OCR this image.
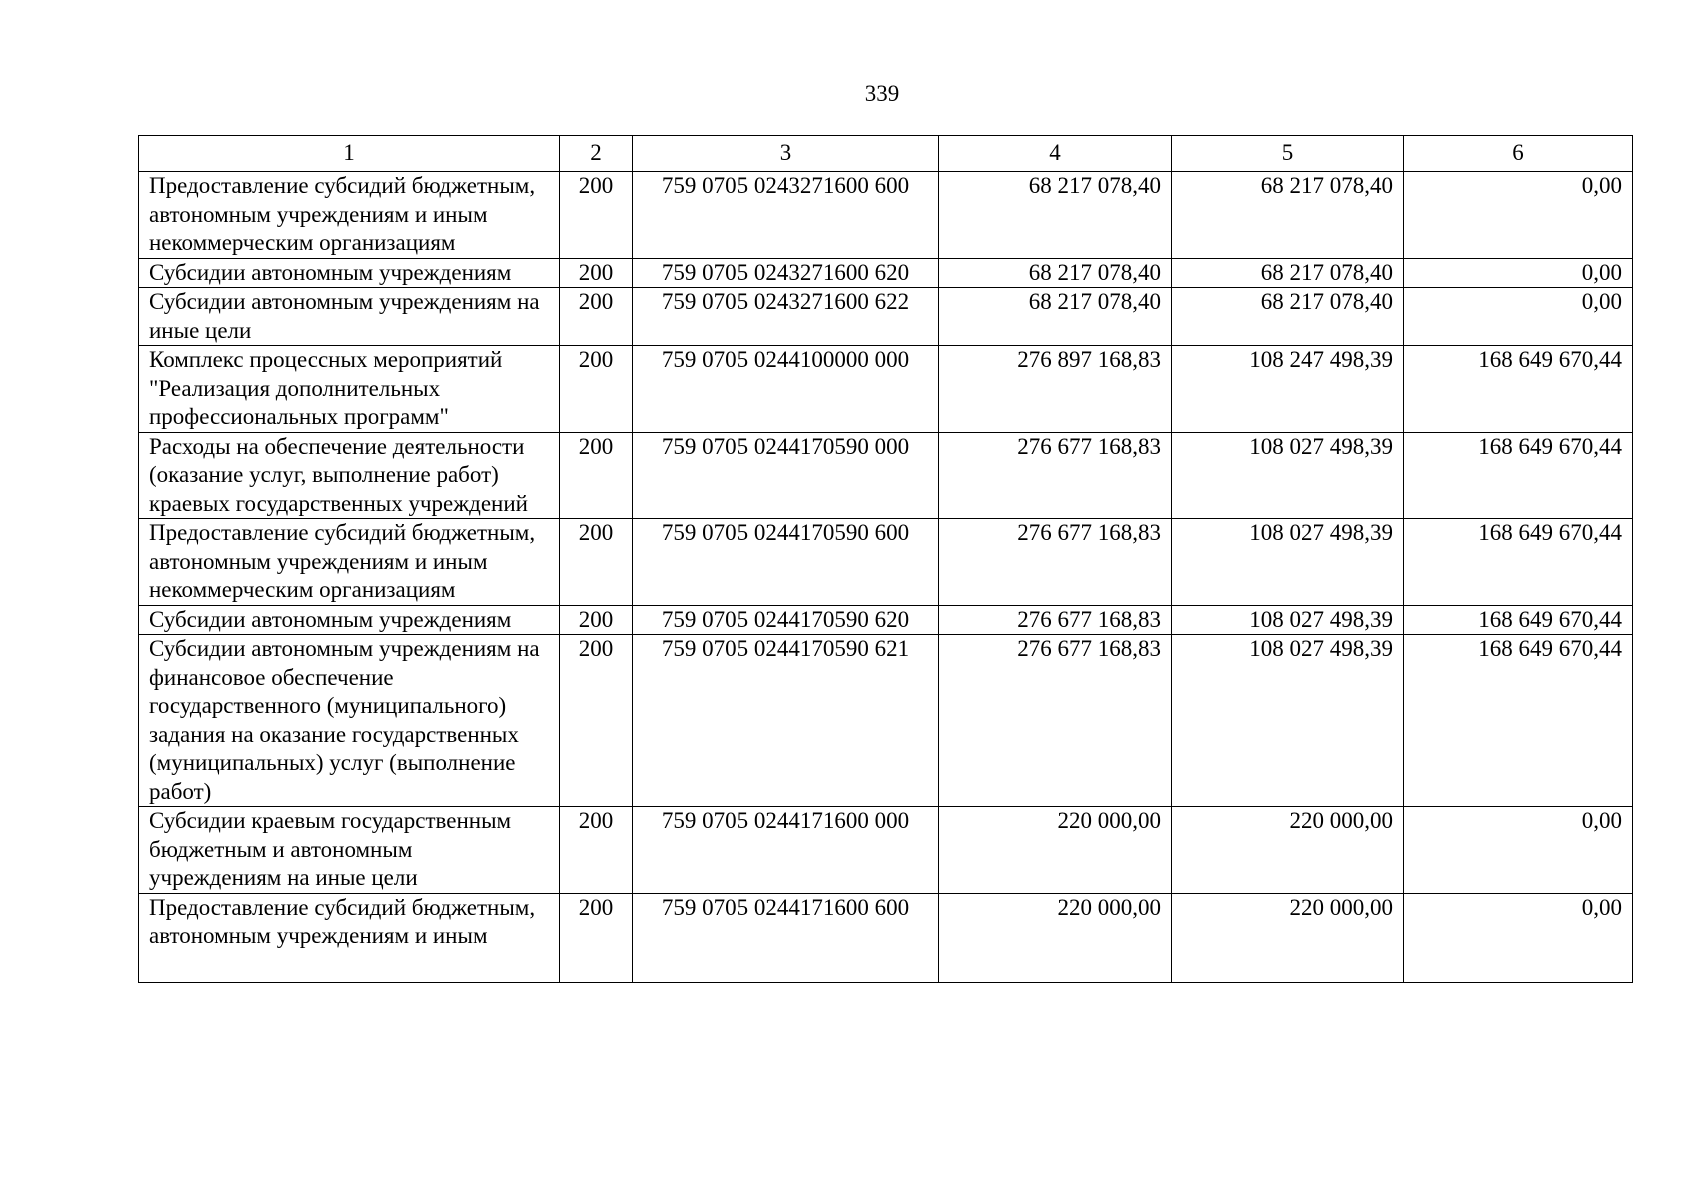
339
1	2	3	4	5	6
Предоставление субсидий бюджетным, автономным учреждениям и иным некоммерческим организациям	200	759 0705 0243271600 600	68 217 078,40	68 217 078,40	0,00
Субсидии автономным учреждениям	200	759 0705 0243271600 620	68 217 078,40	68 217 078,40	0,00
Субсидии автономным учреждениям на иные цели	200	759 0705 0243271600 622	68 217 078,40	68 217 078,40	0,00
Комплекс процессных мероприятий "Реализация дополнительных профессиональных программ"	200	759 0705 0244100000 000	276 897 168,83	108 247 498,39	168 649 670,44
Расходы на обеспечение деятельности (оказание услуг, выполнение работ) краевых государственных учреждений	200	759 0705 0244170590 000	276 677 168,83	108 027 498,39	168 649 670,44
Предоставление субсидий бюджетным, автономным учреждениям и иным некоммерческим организациям	200	759 0705 0244170590 600	276 677 168,83	108 027 498,39	168 649 670,44
Субсидии автономным учреждениям	200	759 0705 0244170590 620	276 677 168,83	108 027 498,39	168 649 670,44
Субсидии автономным учреждениям на финансовое обеспечение государственного (муниципального) задания на оказание государственных (муниципальных) услуг (выполнение работ)	200	759 0705 0244170590 621	276 677 168,83	108 027 498,39	168 649 670,44
Субсидии краевым государственным бюджетным и автономным учреждениям на иные цели	200	759 0705 0244171600 000	220 000,00	220 000,00	0,00
Предоставление субсидий бюджетным, автономным учреждениям и иным	200	759 0705 0244171600 600	220 000,00	220 000,00	0,00
